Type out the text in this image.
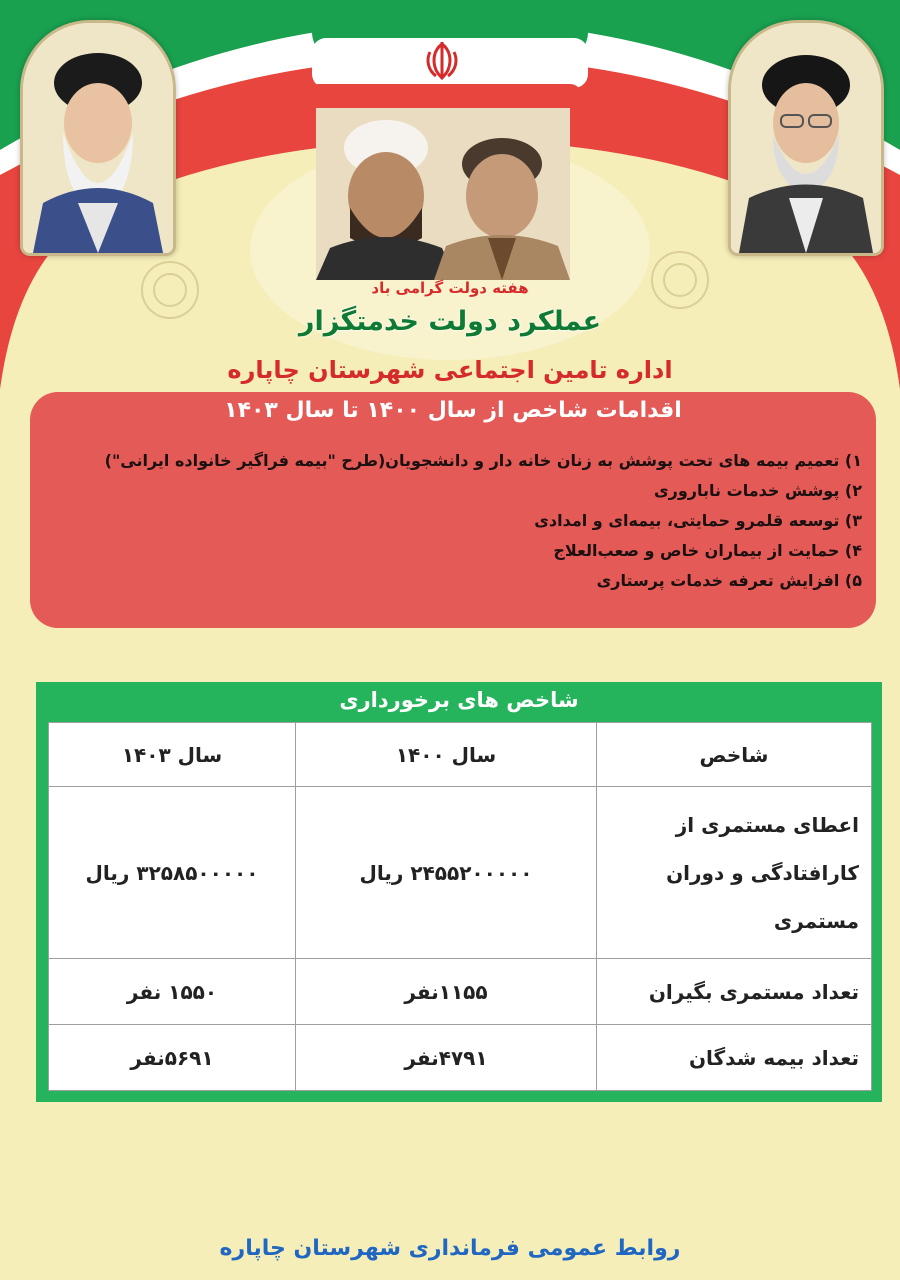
هفته دولت گرامی باد
عملکرد دولت خدمتگزار
اداره تامین اجتماعی شهرستان چاپاره
اقدامات شاخص از سال ۱۴۰۰ تا سال ۱۴۰۳
۱) تعمیم بیمه های تحت پوشش به زنان خانه دار و دانشجویان(طرح "بیمه فراگیر خانواده ایرانی")
۲) پوشش خدمات ناباروری
۳) توسعه قلمرو حمایتی، بیمه‌ای و امدادی
۴) حمایت از بیماران خاص و صعب‌العلاج
۵) افزایش تعرفه خدمات پرستاری
شاخص های برخورداری
شاخص	سال ۱۴۰۰	سال ۱۴۰۳
اعطای مستمری از کارافتادگی و دوران مستمری	۲۴۵۵۲۰۰۰۰۰ ریال	۳۲۵۸۵۰۰۰۰۰ ریال
تعداد مستمری بگیران	۱۱۵۵نفر	۱۵۵۰ نفر
تعداد بیمه شدگان	۴۷۹۱نفر	۵۶۹۱نفر
روابط عمومی فرمانداری شهرستان چاپاره
